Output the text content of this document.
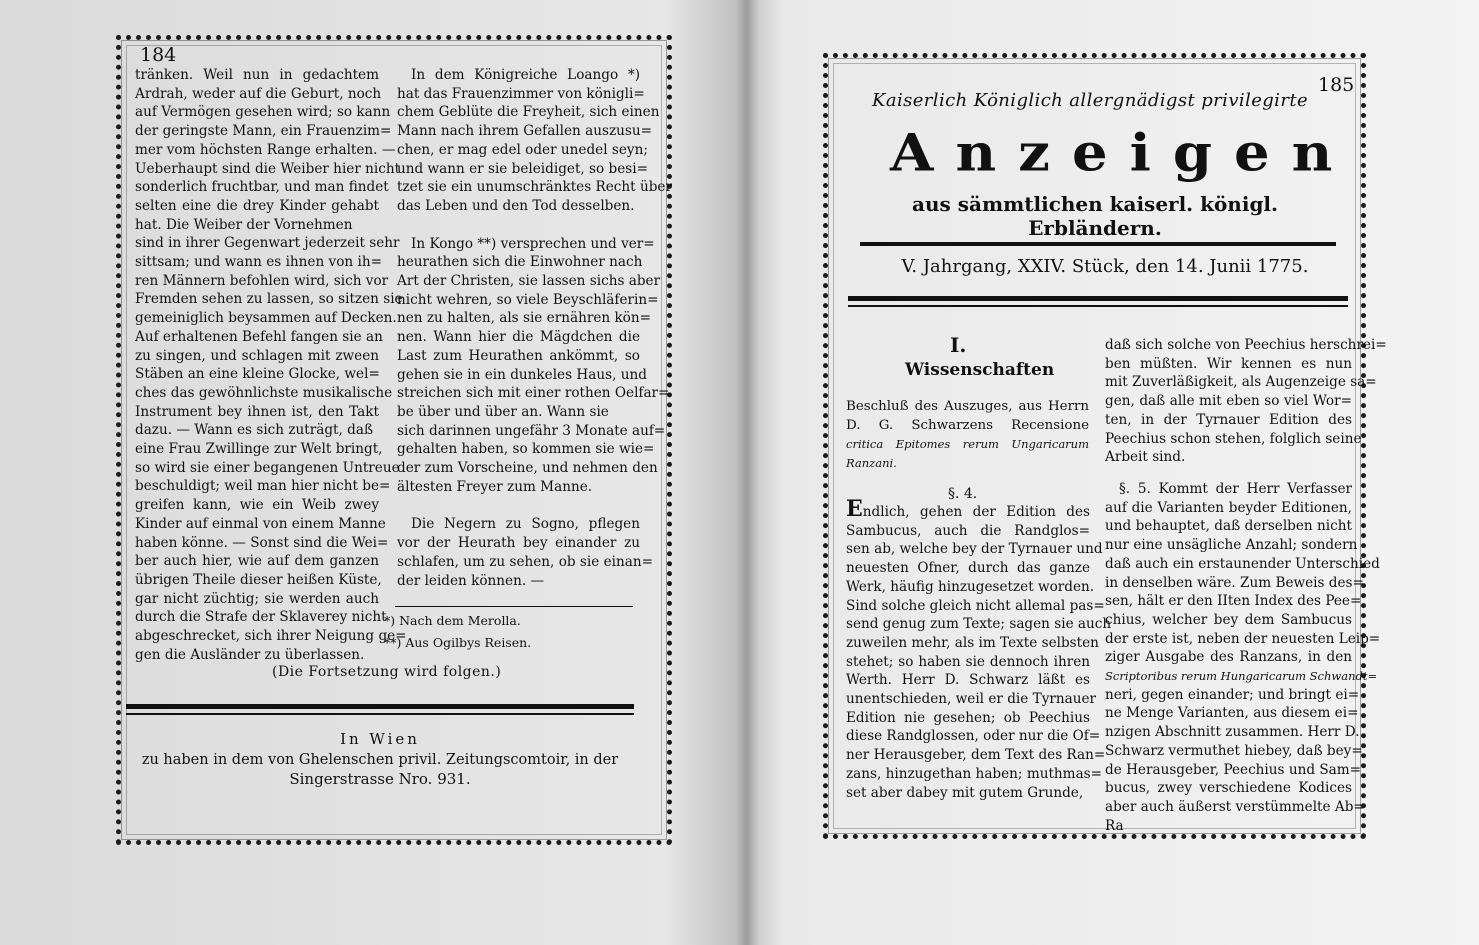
184

tränken. Weil nun in gedachtem

Ardrah, weder auf die Geburt, noch

auf Vermögen gesehen wird; so kann

der geringste Mann, ein Frauenzim=

mer vom höchsten Range erhalten. —

Ueberhaupt sind die Weiber hier nicht

sonderlich fruchtbar, und man findet

selten eine die drey Kinder gehabt

hat. Die Weiber der Vornehmen

sind in ihrer Gegenwart jederzeit sehr

sittsam; und wann es ihnen von ih=

ren Männern befohlen wird, sich vor

Fremden sehen zu lassen, so sitzen sie

gemeiniglich beysammen auf Decken.

Auf erhaltenen Befehl fangen sie an

zu singen, und schlagen mit zween

Stäben an eine kleine Glocke, wel=

ches das gewöhnlichste musikalische

Instrument bey ihnen ist, den Takt

dazu. — Wann es sich zuträgt, daß

eine Frau Zwillinge zur Welt bringt,

so wird sie einer begangenen Untreue

beschuldigt; weil man hier nicht be=

greifen kann, wie ein Weib zwey

Kinder auf einmal von einem Manne

haben könne. — Sonst sind die Wei=

ber auch hier, wie auf dem ganzen

übrigen Theile dieser heißen Küste,

gar nicht züchtig; sie werden auch

durch die Strafe der Sklaverey nicht

abgeschrecket, sich ihrer Neigung ge=

gen die Ausländer zu überlassen.

In dem Königreiche Loango *)

hat das Frauenzimmer von königli=

chem Geblüte die Freyheit, sich einen

Mann nach ihrem Gefallen auszusu=

chen, er mag edel oder unedel seyn;

und wann er sie beleidiget, so besi=

tzet sie ein unumschränktes Recht über

das Leben und den Tod desselben.

In Kongo **) versprechen und ver=

heurathen sich die Einwohner nach

Art der Christen, sie lassen sichs aber

nicht wehren, so viele Beyschläferin=

nen zu halten, als sie ernähren kön=

nen. Wann hier die Mägdchen die

Last zum Heurathen ankömmt, so

gehen sie in ein dunkeles Haus, und

streichen sich mit einer rothen Oelfar=

be über und über an. Wann sie

sich darinnen ungefähr 3 Monate auf=

gehalten haben, so kommen sie wie=

der zum Vorscheine, und nehmen den

ältesten Freyer zum Manne.

Die Negern zu Sogno, pflegen

vor der Heurath bey einander zu

schlafen, um zu sehen, ob sie einan=

der leiden können. —

*) Nach dem Merolla.
**) Aus Ogilbys Reisen.
(Die Fortsetzung wird folgen.)
In Wien
zu haben in dem von Ghelenschen privil. Zeitungscomtoir, in der
Singerstrasse Nro. 931.
185
Kaiserlich Königlich allergnädigst privilegirte
Anzeigen
aus sämmtlichen kaiserl. königl. Erbländern.
V. Jahrgang, XXIV. Stück, den 14. Junii 1775.
I.
Wissenschaften

Beschluß des Auszuges, aus Herrn

D. G. Schwarzens Recensione

critica Epitomes rerum Ungaricarum

Ranzani.

§. 4.

Endlich, gehen der Edition des

Sambucus, auch die Randglos=

sen ab, welche bey der Tyrnauer und

neuesten Ofner, durch das ganze

Werk, häufig hinzugesetzet worden.

Sind solche gleich nicht allemal pas=

send genug zum Texte; sagen sie auch

zuweilen mehr, als im Texte selbsten

stehet; so haben sie dennoch ihren

Werth. Herr D. Schwarz läßt es

unentschieden, weil er die Tyrnauer

Edition nie gesehen; ob Peechius

diese Randglossen, oder nur die Of=

ner Herausgeber, dem Text des Ran=

zans, hinzugethan haben; muthmas=

set aber dabey mit gutem Grunde,

daß sich solche von Peechius herschrei=

ben müßten. Wir kennen es nun

mit Zuverläßigkeit, als Augenzeige sa=

gen, daß alle mit eben so viel Wor=

ten, in der Tyrnauer Edition des

Peechius schon stehen, folglich seine

Arbeit sind.

§. 5. Kommt der Herr Verfasser

auf die Varianten beyder Editionen,

und behauptet, daß derselben nicht

nur eine unsägliche Anzahl; sondern

daß auch ein erstaunender Unterschied

in denselben wäre. Zum Beweis des=

sen, hält er den IIten Index des Pee=

chius, welcher bey dem Sambucus

der erste ist, neben der neuesten Leip=

ziger Ausgabe des Ranzans, in den

Scriptoribus rerum Hungaricarum Schwandt=

neri, gegen einander; und bringt ei=

ne Menge Varianten, aus diesem ei=

nzigen Abschnitt zusammen. Herr D.

Schwarz vermuthet hiebey, daß bey=

de Herausgeber, Peechius und Sam=

bucus, zwey verschiedene Kodices

aber auch äußerst verstümmelte Ab=

Ra
